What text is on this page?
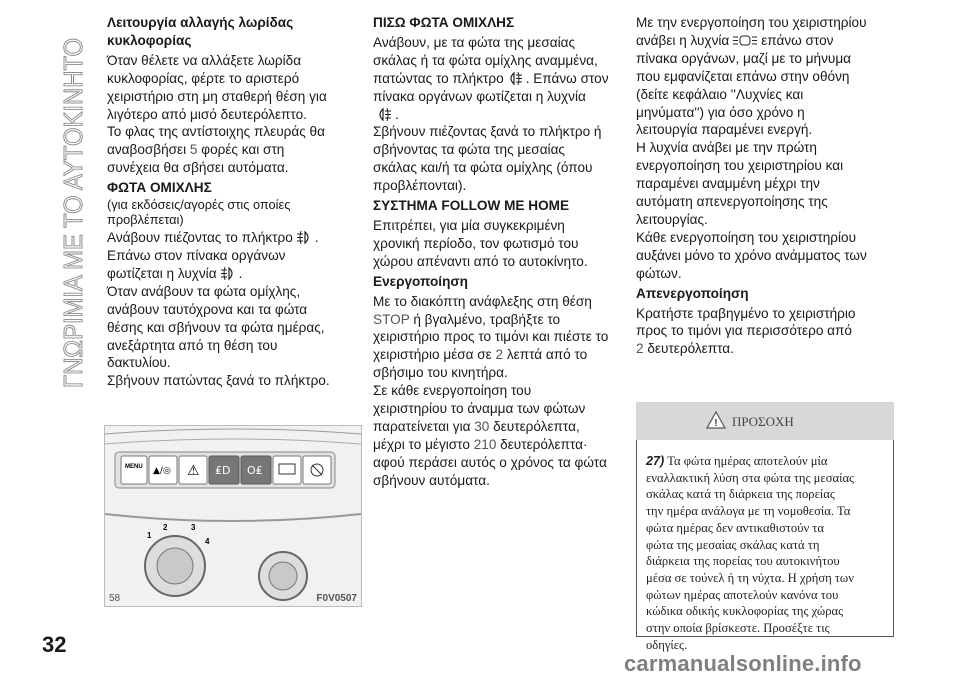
ΓΝΩΡΙΜΙΑ ΜΕ ΤΟ ΑΥΤΟΚΙΝΗΤΟ
32

Λειτουργία αλλαγής λωρίδας
κυκλοφορίας

Όταν θέλετε να αλλάξετε λωρίδα
κυκλοφορίας, φέρτε το αριστερό
χειριστήριο στη μη σταθερή θέση για
λιγότερο από μισό δευτερόλεπτο.
Το φλας της αντίστοιχης πλευράς θα
αναβοσβήσει 5 φορές και στη
συνέχεια θα σβήσει αυτόματα.

ΦΩΤΑ ΟΜΙΧΛΗΣ
(για εκδόσεις/αγορές στις οποίες
προβλέπεται)

Ανάβουν πιέζοντας το πλήκτρο .
Επάνω στον πίνακα οργάνων
φωτίζεται η λυχνία .
Όταν ανάβουν τα φώτα ομίχλης,
ανάβουν ταυτόχρονα και τα φώτα
θέσης και σβήνουν τα φώτα ημέρας,
ανεξάρτητα από τη θέση του
δακτυλίου.
Σβήνουν πατώντας ξανά το πλήκτρο.

ΠΙΣΩ ΦΩΤΑ ΟΜΙΧΛΗΣ

Ανάβουν, με τα φώτα της μεσαίας
σκάλας ή τα φώτα ομίχλης αναμμένα,
πατώντας το πλήκτρο . Επάνω στον
πίνακα οργάνων φωτίζεται η λυχνία
.
Σβήνουν πιέζοντας ξανά το πλήκτρο ή
σβήνοντας τα φώτα της μεσαίας
σκάλας και/ή τα φώτα ομίχλης (όπου
προβλέπονται).

ΣΥΣΤΗΜΑ FOLLOW ME HOME

Επιτρέπει, για μία συγκεκριμένη
χρονική περίοδο, τον φωτισμό του
χώρου απέναντι από το αυτοκίνητο.

Ενεργοποίηση

Με το διακόπτη ανάφλεξης στη θέση
STOP ή βγαλμένο, τραβήξτε το
χειριστήριο προς το τιμόνι και πιέστε το
χειριστήριο μέσα σε 2 λεπτά από το
σβήσιμο του κινητήρα.
Σε κάθε ενεργοποίηση του
χειριστηρίου το άναμμα των φώτων
παρατείνεται για 30 δευτερόλεπτα,
μέχρι το μέγιστο 210 δευτερόλεπτα·
αφού περάσει αυτός ο χρόνος τα φώτα
σβήνουν αυτόματα.

Με την ενεργοποίηση του χειριστηρίου
ανάβει η λυχνία επάνω στον
πίνακα οργάνων, μαζί με το μήνυμα
που εμφανίζεται επάνω στην οθόνη
(δείτε κεφάλαιο ''Λυχνίες και
μηνύματα'') για όσο χρόνο η
λειτουργία παραμένει ενεργή.
Η λυχνία ανάβει με την πρώτη
ενεργοποίηση του χειριστηρίου και
παραμένει αναμμένη μέχρι την
αυτόματη απενεργοποίησης της
λειτουργίας.
Κάθε ενεργοποίηση του χειριστηρίου
αυξάνει μόνο το χρόνο ανάμματος των
φώτων.

Απενεργοποίηση

Κρατήστε τραβηγμένο το χειριστήριο
προς το τιμόνι για περισσότερο από
2 δευτερόλεπτα.

MENU ▲/◎ ⚠ ₤D O₤
1
2	3
4
58	F0V0507
! ΠΡΟΣΟΧΗ
27) Τα φώτα ημέρας αποτελούν μία
εναλλακτική λύση στα φώτα της μεσαίας
σκάλας κατά τη διάρκεια της πορείας
την ημέρα ανάλογα με τη νομοθεσία. Τα
φώτα ημέρας δεν αντικαθιστούν τα
φώτα της μεσαίας σκάλας κατά τη
διάρκεια της πορείας του αυτοκινήτου
μέσα σε τούνελ ή τη νύχτα. Η χρήση των
φώτων ημέρας αποτελούν κανόνα του
κώδικα οδικής κυκλοφορίας της χώρας
στην οποία βρίσκεστε. Προσέξτε τις
οδηγίες.

carmanualsonline.info
